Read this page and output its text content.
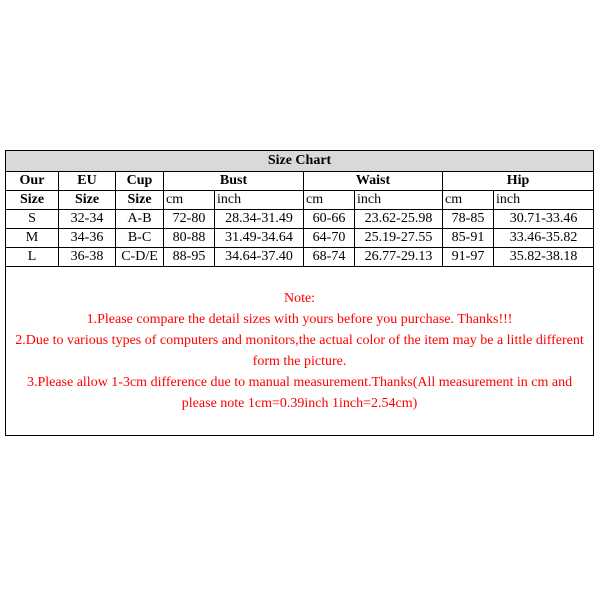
Size Chart								
Our	EU	Cup	Bust		Waist		Hip	
Size	Size	Size	cm	inch	cm	inch	cm	inch
S	32-34	A-B	72-80	28.34-31.49	60-66	23.62-25.98	78-85	30.71-33.46
M	34-36	B-C	80-88	31.49-34.64	64-70	25.19-27.55	85-91	33.46-35.82
L	36-38	C-D/E	88-95	34.64-37.40	68-74	26.77-29.13	91-97	35.82-38.18

Note:
1.Please compare the detail sizes with yours before you purchase. Thanks!!!
2.Due to various types of computers and monitors,the actual color of the item may be a little different form the picture.
3.Please allow 1-3cm difference due to manual measurement.Thanks(All measurement in cm and please note 1cm=0.39inch 1inch=2.54cm)								
